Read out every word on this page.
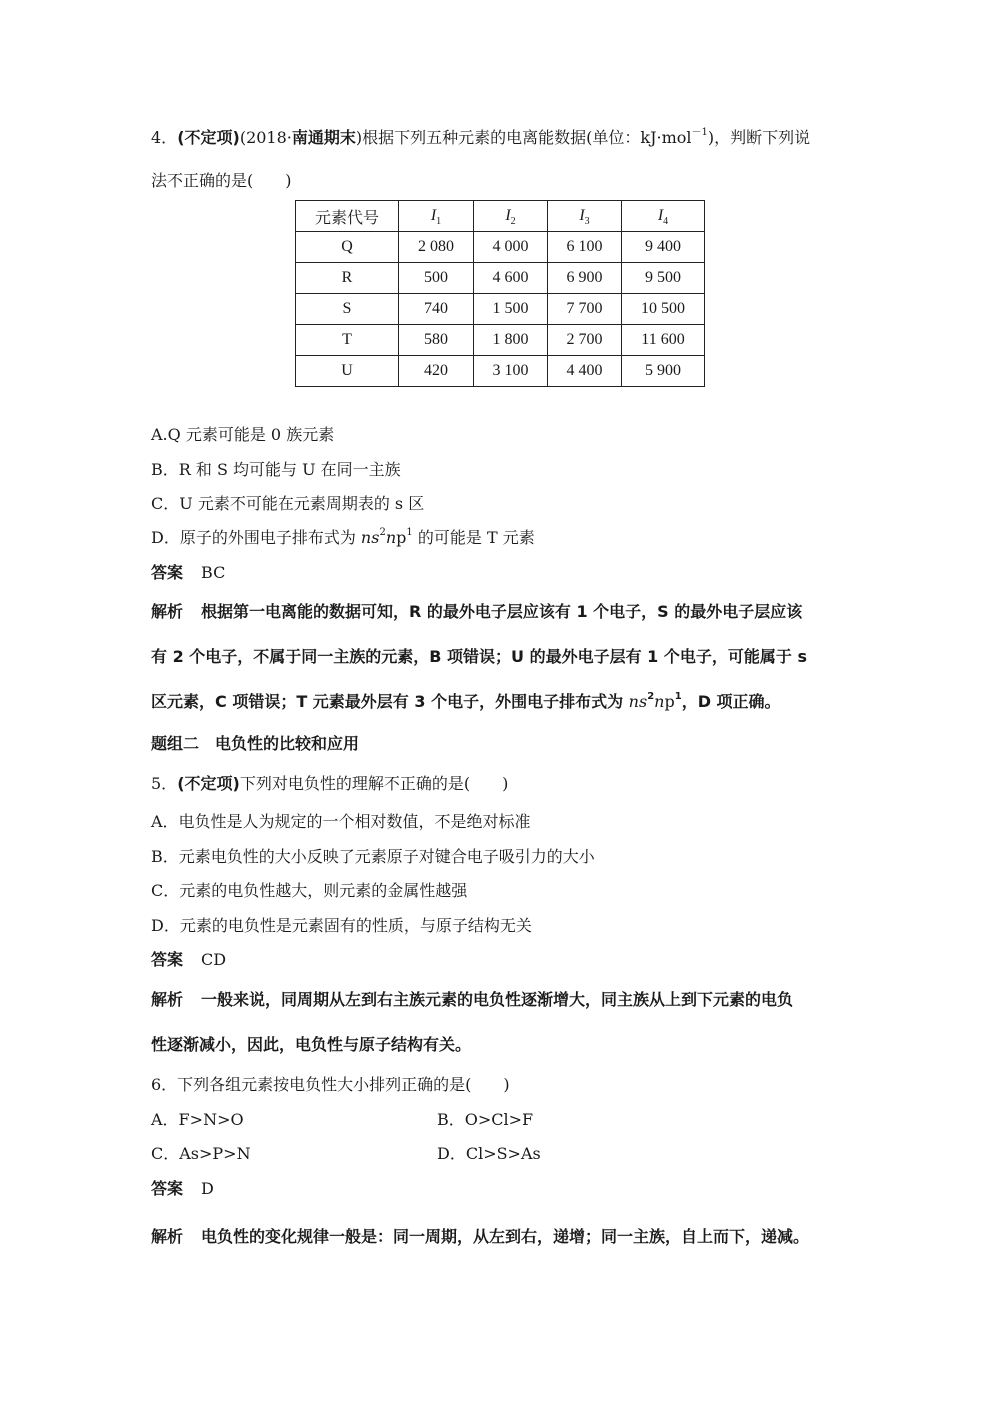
4．(不定项)(2018·南通期末)根据下列五种元素的电离能数据(单位：kJ·mol$^{-1}$)，判断下列说
法不正确的是(　　)
元素代号	$I_1$	$I_2$	$I_3$	$I_4$
Q	2 080	4 000	6 100	9 400
R	500	4 600	6 900	9 500
S	740	1 500	7 700	10 500
T	580	1 800	2 700	11 600
U	420	3 100	4 400	5 900
A.Q 元素可能是 0 族元素
B．R 和 S 均可能与 U 在同一主族
C．U 元素不可能在元素周期表的 s 区
D．原子的外围电子排布式为 $ns^2np^1$ 的可能是 T 元素
答案 BC
解析 根据第一电离能的数据可知，R 的最外电子层应该有 1 个电子，S 的最外电子层应该
有 2 个电子，不属于同一主族的元素，B 项错误；U 的最外电子层有 1 个电子，可能属于 s
区元素，C 项错误；T 元素最外层有 3 个电子，外围电子排布式为 $ns^2np^1$，D 项正确。
题组二　电负性的比较和应用
5．(不定项)下列对电负性的理解不正确的是(　　)
A．电负性是人为规定的一个相对数值，不是绝对标准
B．元素电负性的大小反映了元素原子对键合电子吸引力的大小
C．元素的电负性越大，则元素的金属性越强
D．元素的电负性是元素固有的性质，与原子结构无关
答案 CD
解析 一般来说，同周期从左到右主族元素的电负性逐渐增大，同主族从上到下元素的电负
性逐渐减小，因此，电负性与原子结构有关。
6．下列各组元素按电负性大小排列正确的是(　　)
A．F>N>O	B．O>Cl>F
C．As>P>N	D．Cl>S>As
答案 D
解析 电负性的变化规律一般是：同一周期，从左到右，递增；同一主族，自上而下，递减。
